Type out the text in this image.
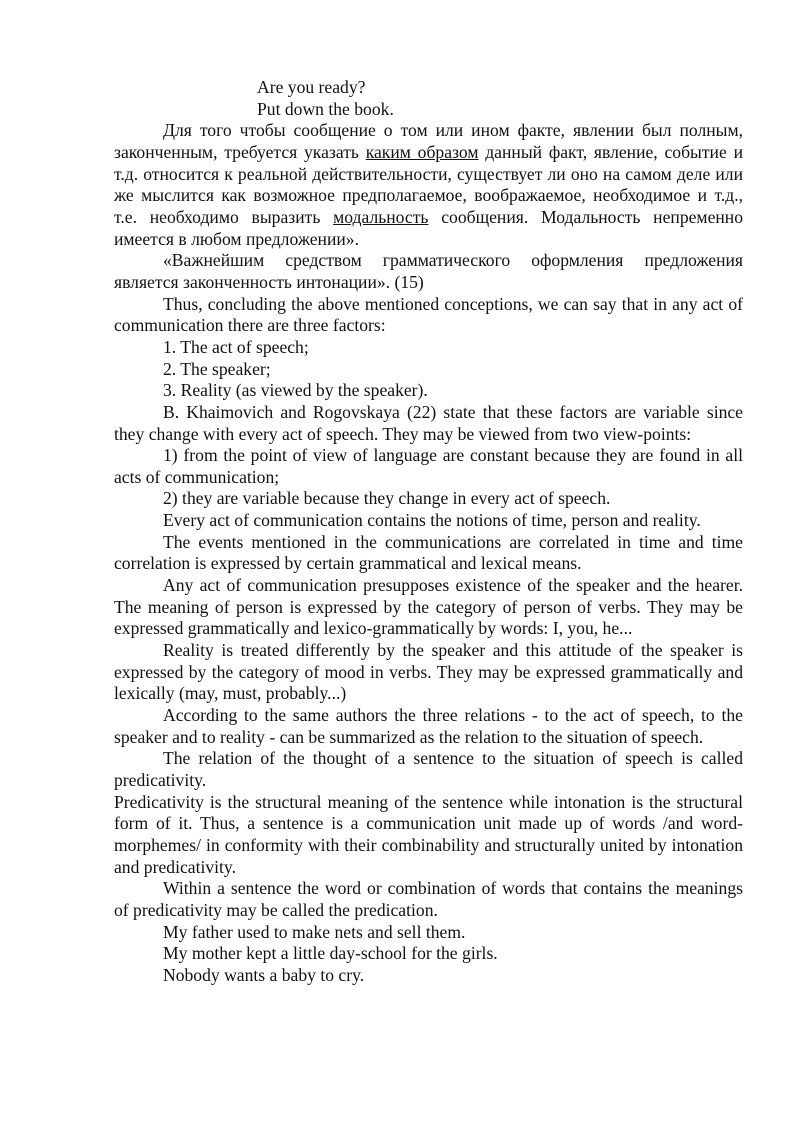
Are you ready?

Put down the book.

Для того чтобы сообщение о том или ином факте, явлении был полным, законченным, требуется указать каким образом данный факт, явление, событие и т.д. относится к реальной действительности, существует ли оно на самом деле или же мыслится как возможное предполагаемое, воображаемое, необходимое и т.д., т.е. необходимо выразить модальность сообщения. Модальность непременно имеется в любом предложении».

«Важнейшим средством грамматического оформления предложения является законченность интонации». (15)

Thus, concluding the above mentioned conceptions, we can say that in any act of communication there are three factors:

1. The act of speech;

2. The speaker;

3. Reality (as viewed by the speaker).

B. Khaimovich and Rogovskaya (22) state that these factors are variable since they change with every act of speech. They may be viewed from two view-points:

1) from the point of view of language are constant because they are found in all acts of communication;

2) they are variable because they change in every act of speech.

Every act of communication contains the notions of time, person and reality.

The events mentioned in the communications are correlated in time and time correlation is expressed by certain grammatical and lexical means.

Any act of communication presupposes existence of the speaker and the hearer. The meaning of person is expressed by the category of person of verbs. They may be expressed grammatically and lexico-grammatically by words: I, you, he...

Reality is treated differently by the speaker and this attitude of the speaker is expressed by the category of mood in verbs. They may be expressed grammatically and lexically (may, must, probably...)

According to the same authors the three relations - to the act of speech, to the speaker and to reality - can be summarized as the relation to the situation of speech.

The relation of the thought of a sentence to the situation of speech is called predicativity.

Predicativity is the structural meaning of the sentence while intonation is the structural form of it. Thus, a sentence is a communication unit made up of words /and word-morphemes/ in conformity with their combinability and structurally united by intonation and predicativity.

Within a sentence the word or combination of words that contains the meanings of predicativity may be called the predication.

My father used to make nets and sell them.

My mother kept a little day-school for the girls.

Nobody wants a baby to cry.
